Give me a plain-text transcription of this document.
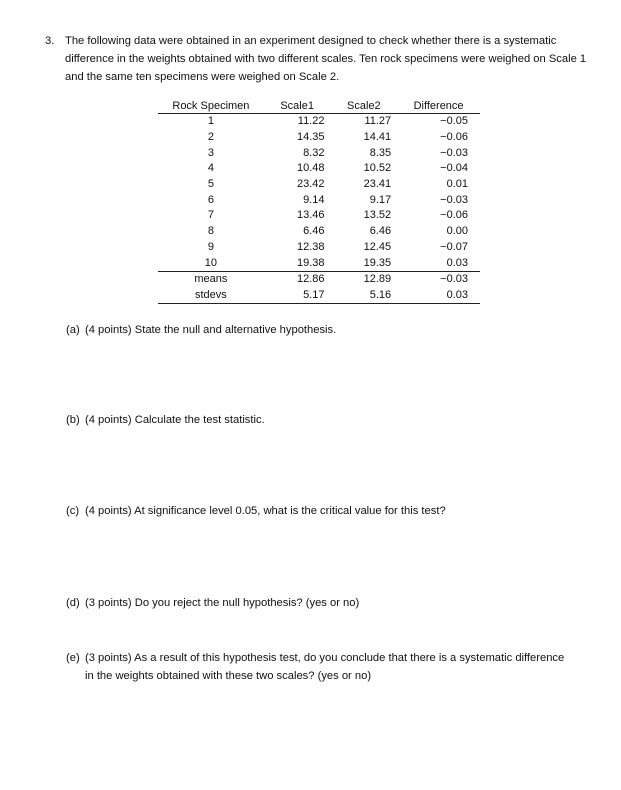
3. The following data were obtained in an experiment designed to check whether there is a systematic difference in the weights obtained with two different scales. Ten rock specimens were weighed on Scale 1 and the same ten specimens were weighed on Scale 2.
Rock Specimen	Scale1	Scale2	Difference
1	11.22	11.27	−0.05
2	14.35	14.41	−0.06
3	8.32	8.35	−0.03
4	10.48	10.52	−0.04
5	23.42	23.41	0.01
6	9.14	9.17	−0.03
7	13.46	13.52	−0.06
8	6.46	6.46	0.00
9	12.38	12.45	−0.07
10	19.38	19.35	0.03
means	12.86	12.89	−0.03
stdevs	5.17	5.16	0.03
(a) (4 points) State the null and alternative hypothesis.
(b) (4 points) Calculate the test statistic.
(c) (4 points) At significance level 0.05, what is the critical value for this test?
(d) (3 points) Do you reject the null hypothesis? (yes or no)
(e) (3 points) As a result of this hypothesis test, do you conclude that there is a systematic difference in the weights obtained with these two scales? (yes or no)
